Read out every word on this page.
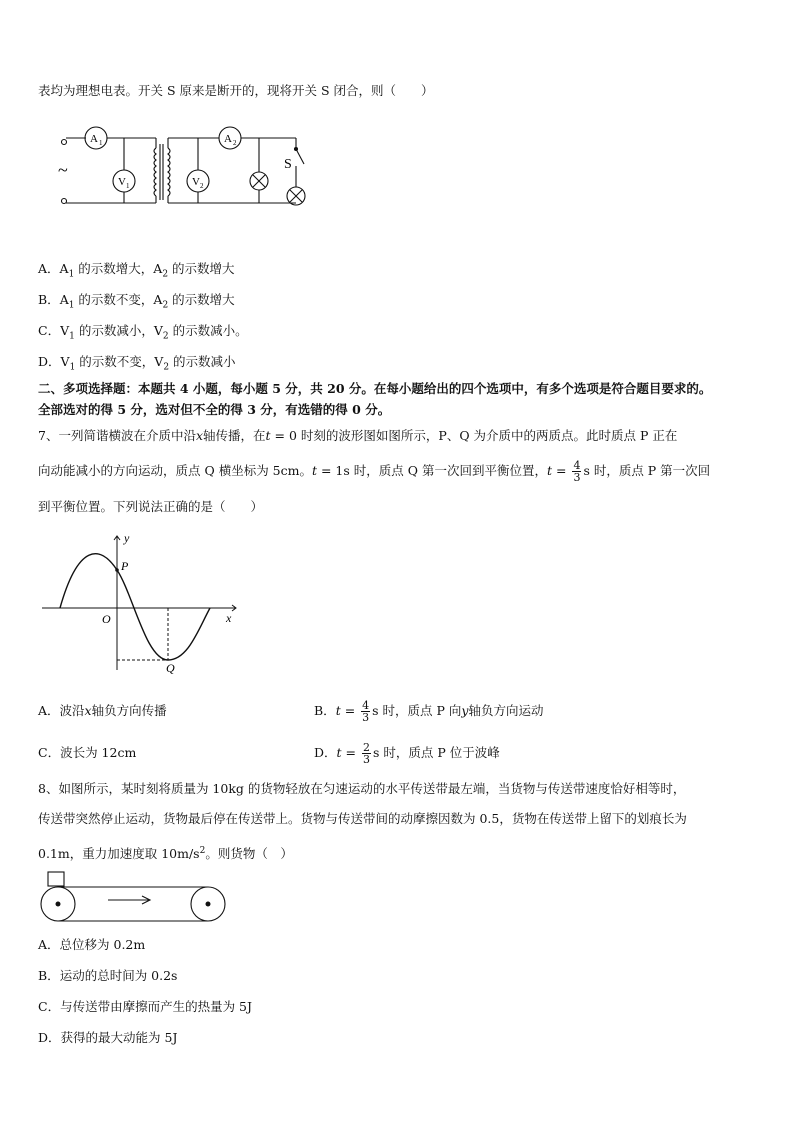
表均为理想电表。开关 S 原来是断开的，现将开关 S 闭合，则（　　）
~
A 1
V 1
A 2
V 2
S
A．$A_1$ 的示数增大，$A_2$ 的示数增大
B．$A_1$ 的示数不变，$A_2$ 的示数增大
C．$V_1$ 的示数减小，$V_2$ 的示数减小。
D．$V_1$ 的示数不变，$V_2$ 的示数减小
二、多项选择题：本题共 4 小题，每小题 5 分，共 20 分。在每小题给出的四个选项中，有多个选项是符合题目要求的。
全部选对的得 5 分，选对但不全的得 3 分，有选错的得 0 分。
7、一列简谐横波在介质中沿x轴传播，在t = 0 时刻的波形图如图所示，P、Q 为介质中的两质点。此时质点 P 正在
向动能减小的方向运动，质点 Q 横坐标为 5cm。t = 1s 时，质点 Q 第一次回到平衡位置，$t = \frac{4}{3}$ s 时，质点 P 第一次回
到平衡位置。下列说法正确的是（　　）
y
x
O
P
Q
A．波沿x轴负方向传播	B．$t = \frac{4}{3}$ s 时，质点 P 向y轴负方向运动
C．波长为 12cm	D．$t = \frac{2}{3}$ s 时，质点 P 位于波峰
8、如图所示，某时刻将质量为 10kg 的货物轻放在匀速运动的水平传送带最左端，当货物与传送带速度恰好相等时，
传送带突然停止运动，货物最后停在传送带上。货物与传送带间的动摩擦因数为 0.5，货物在传送带上留下的划痕长为
0.1m，重力加速度取 $10m/s^2$。则货物（　）
A．总位移为 0.2m
B．运动的总时间为 0.2s
C．与传送带由摩擦而产生的热量为 5J
D．获得的最大动能为 5J
